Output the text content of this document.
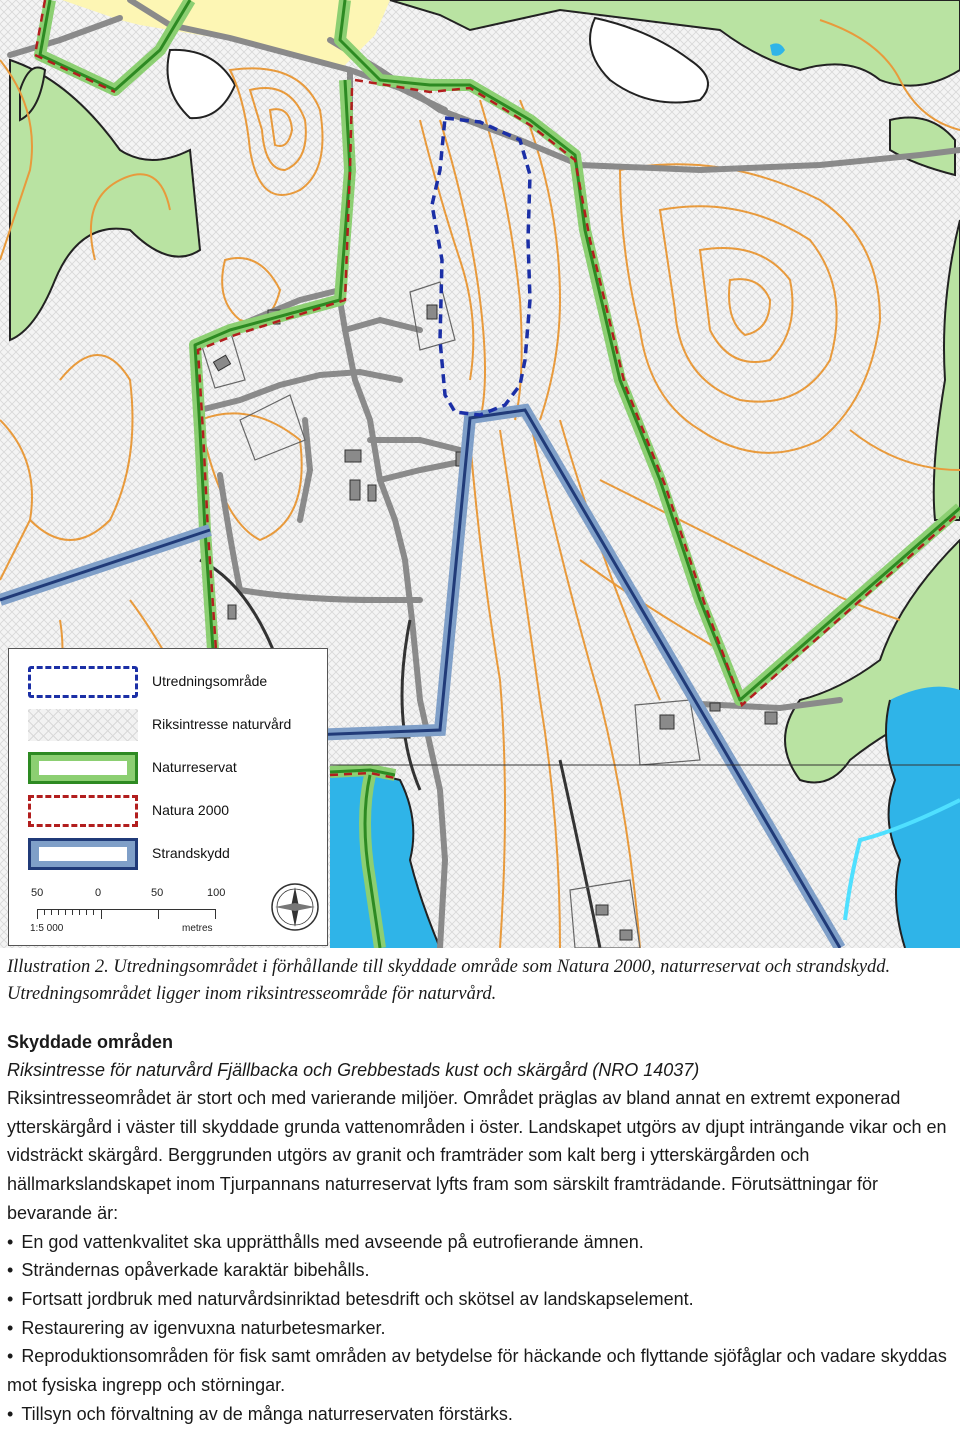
Utredningsområde
Riksintresse naturvård
Naturreservat
Natura 2000
Strandskydd
50	0	50	100
1:5 000	metres

Illustration 2. Utredningsområdet i förhållande till skyddade område som Natura 2000, naturreservat och strandskydd. Utredningsområdet ligger inom riksintresseområde för naturvård.

Skyddade områden

Riksintresse för naturvård Fjällbacka och Grebbestads kust och skärgård (NRO 14037)

Riksintresseområdet är stort och med varierande miljöer. Området präglas av bland annat en extremt exponerad ytterskärgård i väster till skyddade grunda vattenområden i öster. Landskapet utgörs av djupt inträngande vikar och en vidsträckt skärgård. Berggrunden utgörs av granit och framträder som kalt berg i ytterskärgården och hällmarkslandskapet inom Tjurpannans naturreservat lyfts fram som särskilt framträdande. Förutsättningar för bevarande är:

• En god vattenkvalitet ska upprätthålls med avseende på eutrofierande ämnen.
• Strändernas opåverkade karaktär bibehålls.
• Fortsatt jordbruk med naturvårdsinriktad betesdrift och skötsel av landskapselement.
• Restaurering av igenvuxna naturbetesmarker.
• Reproduktionsområden för fisk samt områden av betydelse för häckande och flyttande sjöfåglar och vadare skyddas mot fysiska ingrepp och störningar.
• Tillsyn och förvaltning av de många naturreservaten förstärks.
